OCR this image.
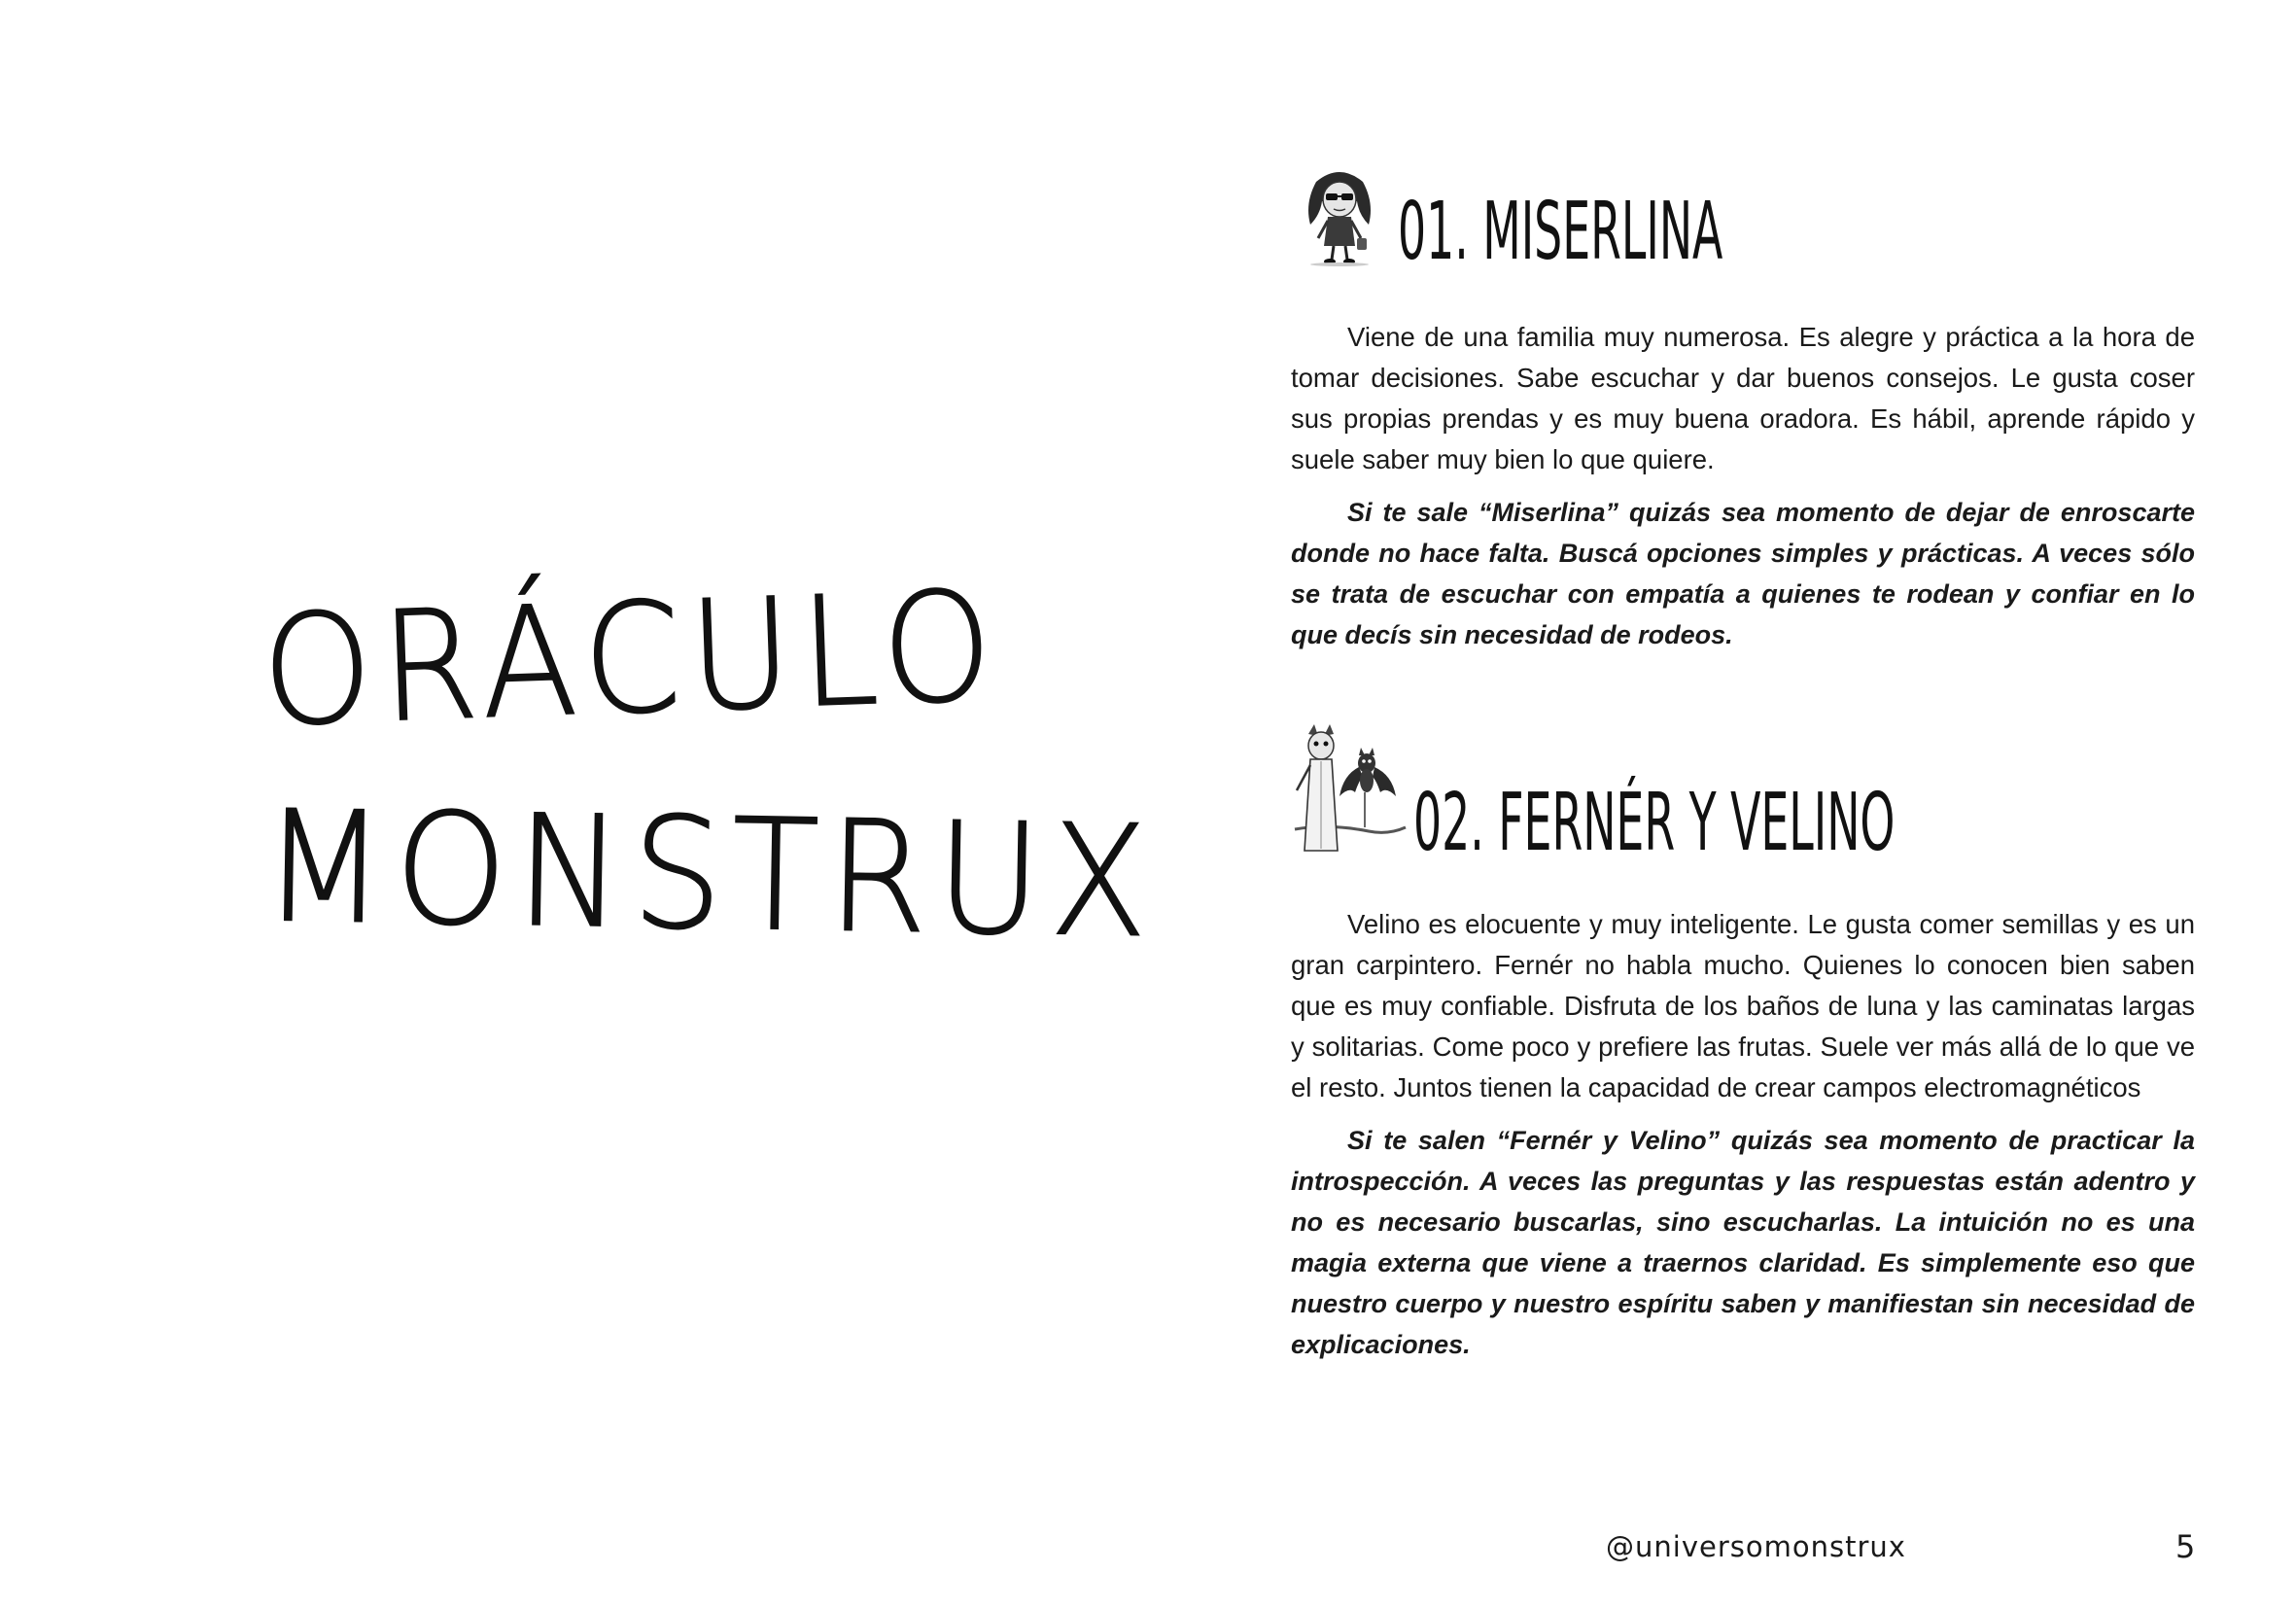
ORÁCULO
MONSTRUX
01. MISERLINA

Viene de una familia muy numerosa. Es alegre y práctica a la hora de tomar decisiones. Sabe escuchar y dar buenos consejos. Le gusta coser sus propias prendas y es muy buena oradora. Es hábil, aprende rápido y suele saber muy bien lo que quiere.

Si te sale “Miserlina” quizás sea momento de dejar de enroscarte donde no hace falta. Buscá opciones simples y prácticas. A veces sólo se trata de escuchar con empatía a quienes te rodean y confiar en lo que decís sin necesidad de rodeos.

02. FERNÉR Y VELINO

Velino es elocuente y muy inteligente. Le gusta comer semillas y es un gran carpintero. Fernér no habla mucho. Quienes lo conocen bien saben que es muy confiable. Disfruta de los baños de luna y las caminatas largas y solitarias. Come poco y prefiere las frutas. Suele ver más allá de lo que ve el resto. Juntos tienen la capacidad de crear campos electromagnéticos

Si te salen “Fernér y Velino” quizás sea momento de practicar la introspección. A veces las preguntas y las respuestas están adentro y no es necesario buscarlas, sino escucharlas. La intuición no es una magia externa que viene a traernos claridad. Es simplemente eso que nuestro cuerpo y nuestro espíritu saben y manifiestan sin necesidad de explicaciones.

@universomonstrux	5
